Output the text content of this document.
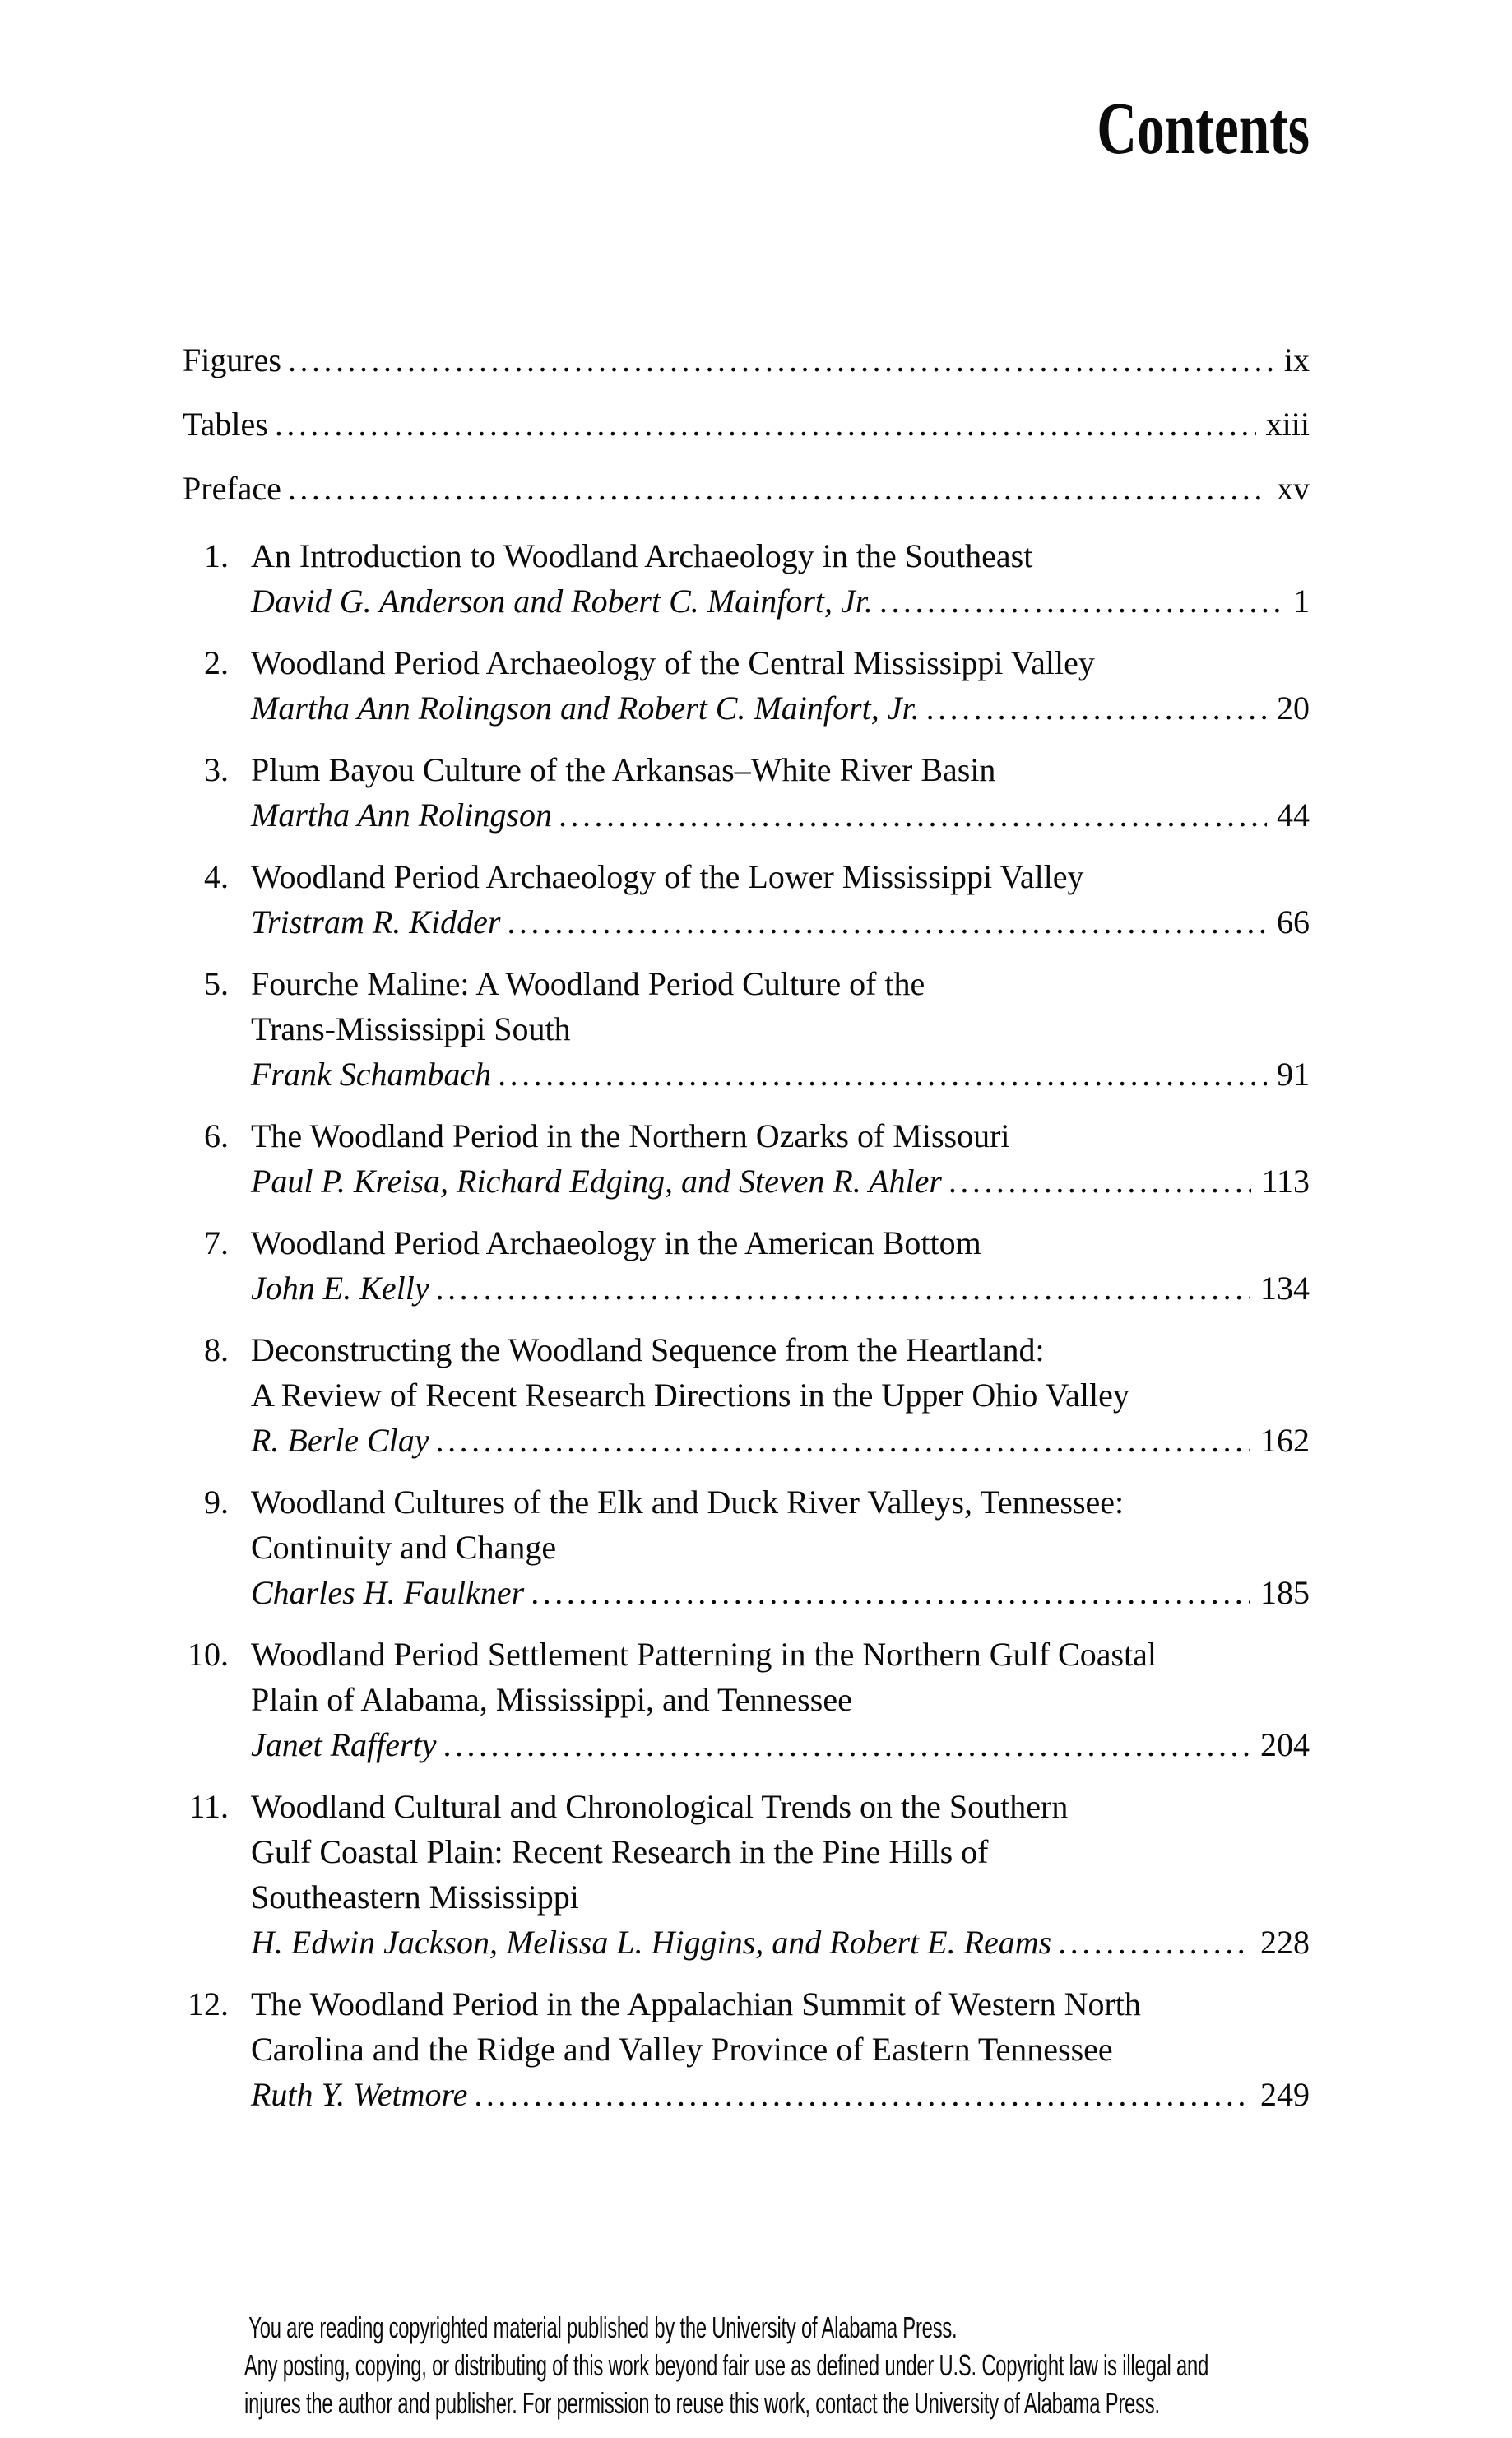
Contents
Figures .....	ix
Tables .....	xiii
Preface .....	xv
1. An Introduction to Woodland Archaeology in the Southeast
David G. Anderson and Robert C. Mainfort, Jr. .....	1
2. Woodland Period Archaeology of the Central Mississippi Valley
Martha Ann Rolingson and Robert C. Mainfort, Jr. .....	20
3. Plum Bayou Culture of the Arkansas–White River Basin
Martha Ann Rolingson .....	44
4. Woodland Period Archaeology of the Lower Mississippi Valley
Tristram R. Kidder .....	66
5. Fourche Maline: A Woodland Period Culture of the
Trans-Mississippi South
Frank Schambach .....	91
6. The Woodland Period in the Northern Ozarks of Missouri
Paul P. Kreisa, Richard Edging, and Steven R. Ahler .....	113
7. Woodland Period Archaeology in the American Bottom
John E. Kelly .....	134
8. Deconstructing the Woodland Sequence from the Heartland:
A Review of Recent Research Directions in the Upper Ohio Valley
R. Berle Clay .....	162
9. Woodland Cultures of the Elk and Duck River Valleys, Tennessee:
Continuity and Change
Charles H. Faulkner .....	185
10. Woodland Period Settlement Patterning in the Northern Gulf Coastal
Plain of Alabama, Mississippi, and Tennessee
Janet Rafferty .....	204
11. Woodland Cultural and Chronological Trends on the Southern
Gulf Coastal Plain: Recent Research in the Pine Hills of
Southeastern Mississippi
H. Edwin Jackson, Melissa L. Higgins, and Robert E. Reams .....	228
12. The Woodland Period in the Appalachian Summit of Western North
Carolina and the Ridge and Valley Province of Eastern Tennessee
Ruth Y. Wetmore .....	249
You are reading copyrighted material published by the University of Alabama Press.
Any posting, copying, or distributing of this work beyond fair use as defined under U.S. Copyright law is illegal and
injures the author and publisher. For permission to reuse this work, contact the University of Alabama Press.
